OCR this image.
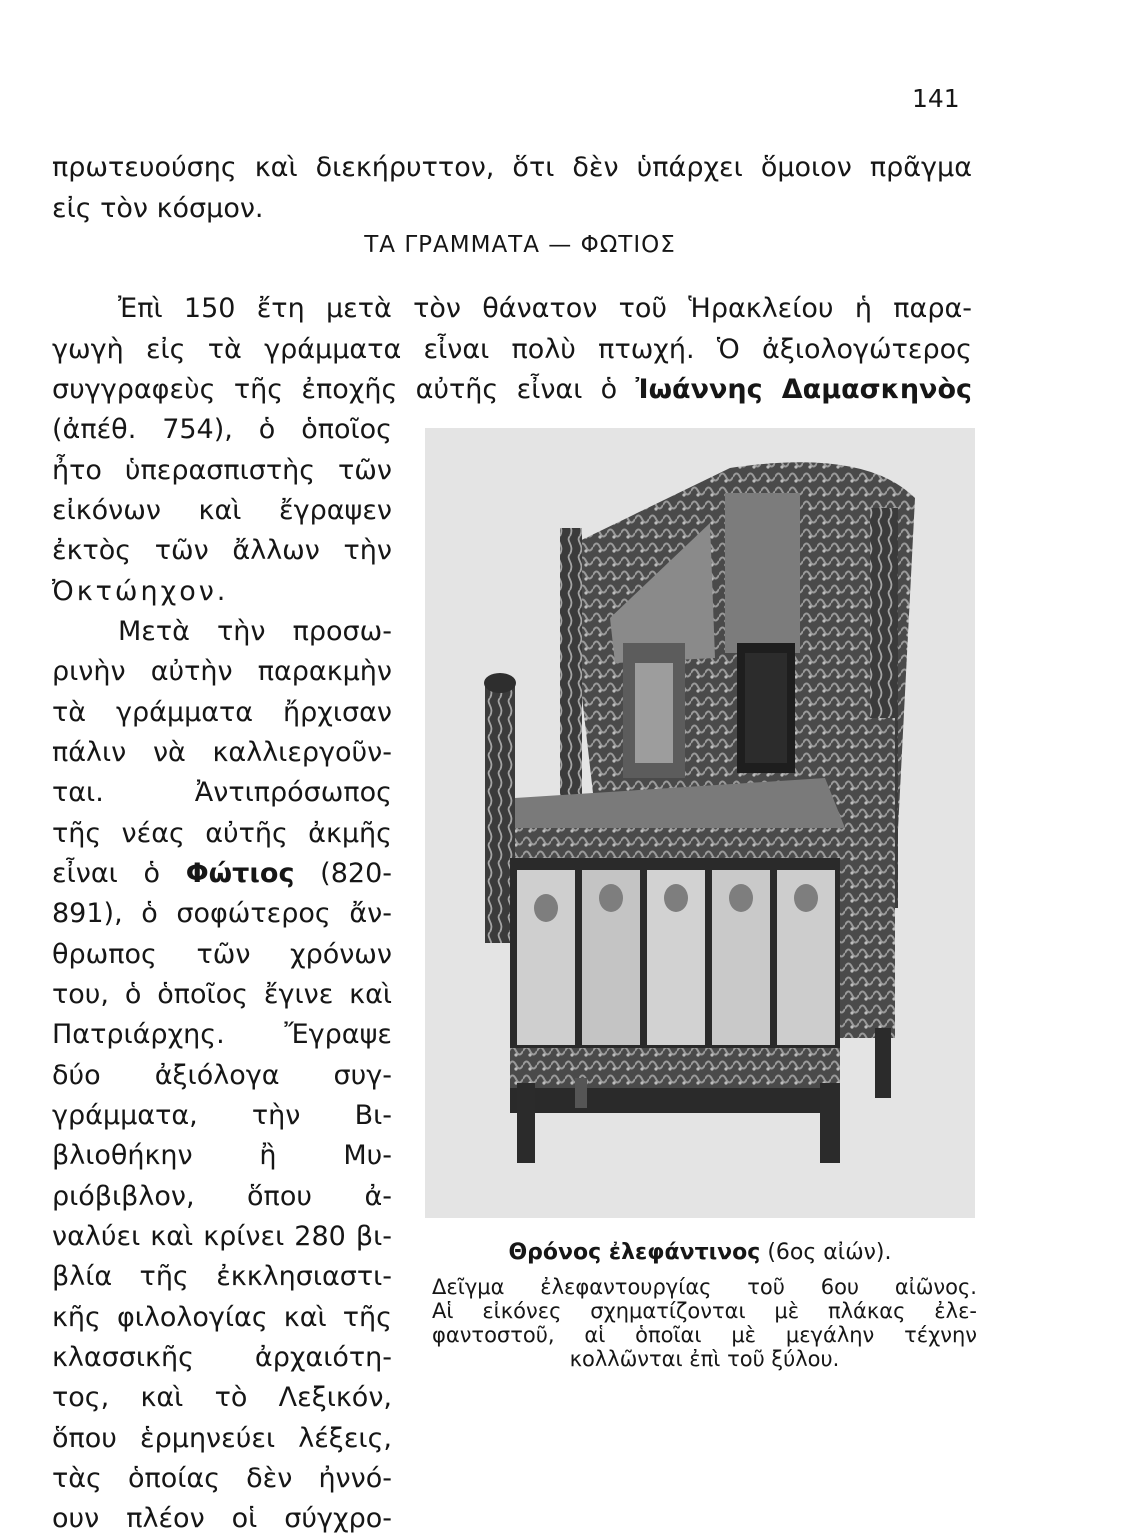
141
πρωτευούσης καὶ διεκήρυττον, ὅτι δὲν ὑπάρχει ὅμοιον πρᾶγμα
εἰς τὸν κόσμον.
ΤΑ ΓΡΑΜΜΑΤΑ — ΦΩΤΙΟΣ
Ἐπὶ 150 ἔτη μετὰ τὸν θάνατον τοῦ Ἡρακλείου ἡ παρα-
γωγὴ εἰς τὰ γράμματα εἶναι πολὺ πτωχή. Ὁ ἀξιολογώτερος
συγγραφεὺς τῆς ἐποχῆς αὐτῆς εἶναι ὁ Ἰωάννης Δαμασκηνὸς
(ἀπέθ. 754), ὁ ὁποῖος
ἦτο ὑπερασπιστὴς τῶν
εἰκόνων καὶ ἔγραψεν
ἐκτὸς τῶν ἄλλων τὴν
Ὀκτώηχον.
Μετὰ τὴν προσω-
ρινὴν αὐτὴν παρακμὴν
τὰ γράμματα ἤρχισαν
πάλιν νὰ καλλιεργοῦν-
ται. Ἀντιπρόσωπος
τῆς νέας αὐτῆς ἀκμῆς
εἶναι ὁ Φώτιος (820-
891), ὁ σοφώτερος ἄν-
θρωπος τῶν χρόνων
του, ὁ ὁποῖος ἔγινε καὶ
Πατριάρχης. Ἔγραψε
δύο ἀξιόλογα συγ-
γράμματα, τὴν Βι-
βλιοθήκην ἢ Μυ-
ριόβιβλον, ὅπου ἀ-
ναλύει καὶ κρίνει 280 βι-
βλία τῆς ἐκκλησιαστι-
κῆς φιλολογίας καὶ τῆς
κλασσικῆς ἀρχαιότη-
τος, καὶ τὸ Λεξικόν,
ὅπου ἑρμηνεύει λέξεις,
τὰς ὁποίας δὲν ἠννό-
ουν πλέον οἱ σύγχρο-
Θρόνος ἐλεφάντινος (6ος αἰών).
Δεῖγμα ἐλεφαντουργίας τοῦ 6ου αἰῶνος.
Αἱ εἰκόνες σχηματίζονται μὲ πλάκας ἐλε-
φαντοστοῦ, αἱ ὁποῖαι μὲ μεγάλην τέχνην
κολλῶνται ἐπὶ τοῦ ξύλου.
